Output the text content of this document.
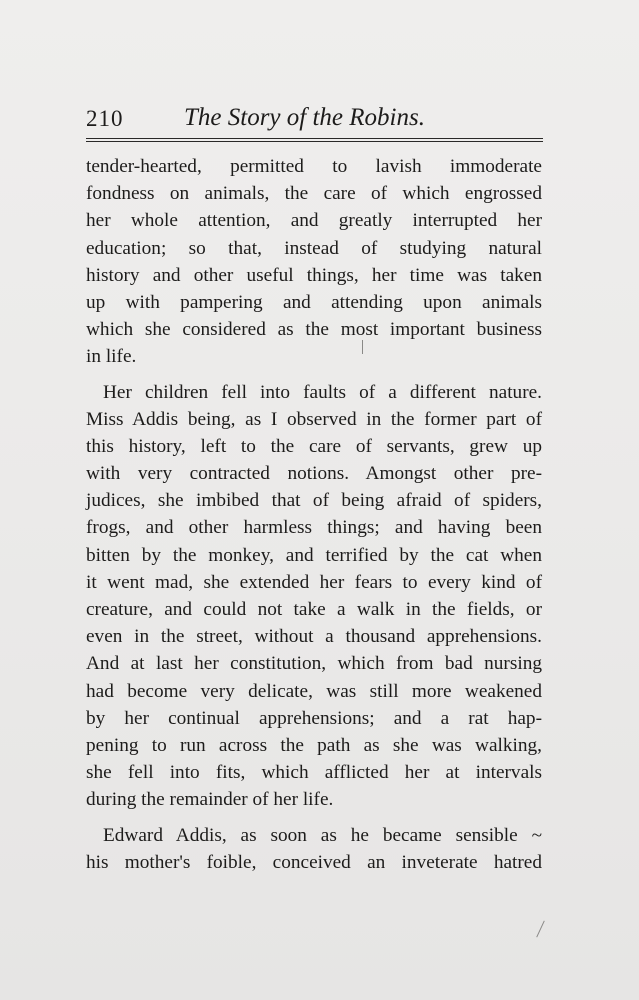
210 The Story of the Robins.
tender-hearted, permitted to lavish immoderate
fondness on animals, the care of which engrossed
her whole attention, and greatly interrupted her
education; so that, instead of studying natural
history and other useful things, her time was taken
up with pampering and attending upon animals
which she considered as the most important business
in life.
Her children fell into faults of a different nature.
Miss Addis being, as I observed in the former part of
this history, left to the care of servants, grew up
with very contracted notions. Amongst other pre-
judices, she imbibed that of being afraid of spiders,
frogs, and other harmless things; and having been
bitten by the monkey, and terrified by the cat when
it went mad, she extended her fears to every kind of
creature, and could not take a walk in the fields, or
even in the street, without a thousand apprehensions.
And at last her constitution, which from bad nursing
had become very delicate, was still more weakened
by her continual apprehensions; and a rat hap-
pening to run across the path as she was walking,
she fell into fits, which afflicted her at intervals
during the remainder of her life.
Edward Addis, as soon as he became sensible ~
his mother's foible, conceived an inveterate hatred
